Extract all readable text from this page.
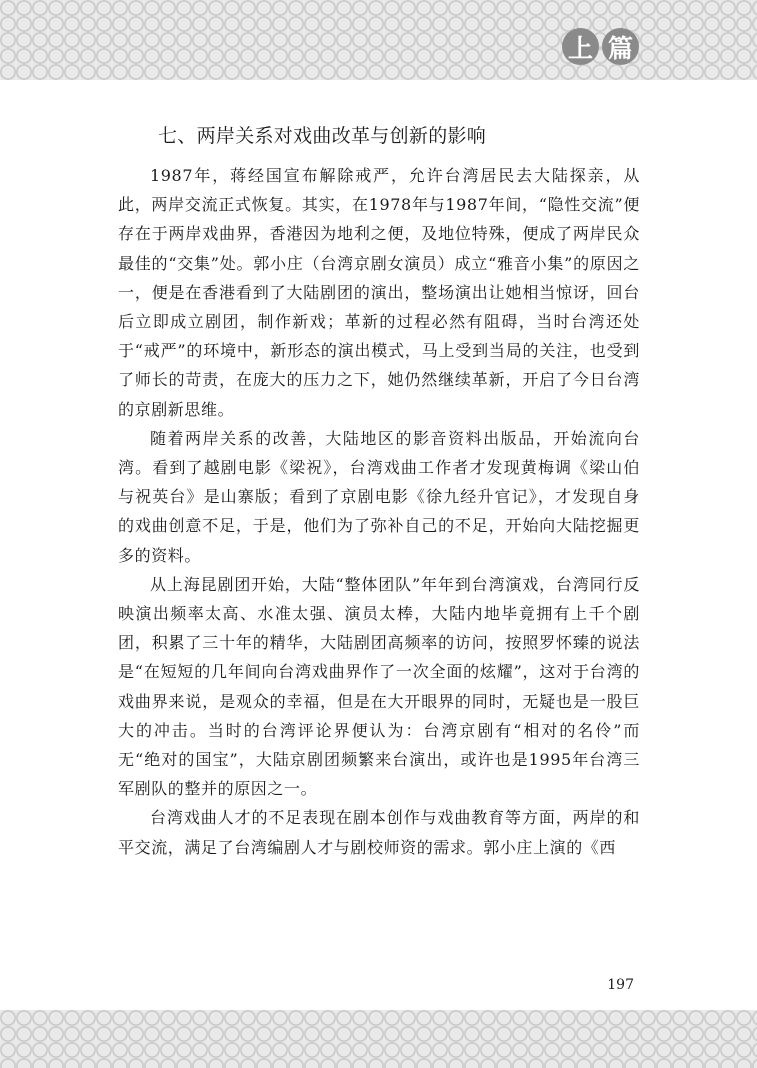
上 篇
七、两岸关系对戏曲改革与创新的影响

1987年，蒋经国宣布解除戒严，允许台湾居民去大陆探亲，从此，两岸交流正式恢复。其实，在1978年与1987年间，“隐性交流”便存在于两岸戏曲界，香港因为地利之便，及地位特殊，便成了两岸民众最佳的“交集”处。郭小庄（台湾京剧女演员）成立“雅音小集”的原因之一，便是在香港看到了大陆剧团的演出，整场演出让她相当惊讶，回台后立即成立剧团，制作新戏；革新的过程必然有阻碍，当时台湾还处于“戒严”的环境中，新形态的演出模式，马上受到当局的关注，也受到了师长的苛责，在庞大的压力之下，她仍然继续革新，开启了今日台湾的京剧新思维。

随着两岸关系的改善，大陆地区的影音资料出版品，开始流向台湾。看到了越剧电影《梁祝》，台湾戏曲工作者才发现黄梅调《梁山伯与祝英台》是山寨版；看到了京剧电影《徐九经升官记》，才发现自身的戏曲创意不足，于是，他们为了弥补自己的不足，开始向大陆挖掘更多的资料。

从上海昆剧团开始，大陆“整体团队”年年到台湾演戏，台湾同行反映演出频率太高、水准太强、演员太棒，大陆内地毕竟拥有上千个剧团，积累了三十年的精华，大陆剧团高频率的访问，按照罗怀臻的说法是“在短短的几年间向台湾戏曲界作了一次全面的炫耀”，这对于台湾的戏曲界来说，是观众的幸福，但是在大开眼界的同时，无疑也是一股巨大的冲击。当时的台湾评论界便认为：台湾京剧有“相对的名伶”而无“绝对的国宝”，大陆京剧团频繁来台演出，或许也是1995年台湾三军剧队的整并的原因之一。

台湾戏曲人才的不足表现在剧本创作与戏曲教育等方面，两岸的和平交流，满足了台湾编剧人才与剧校师资的需求。郭小庄上演的《西

197
